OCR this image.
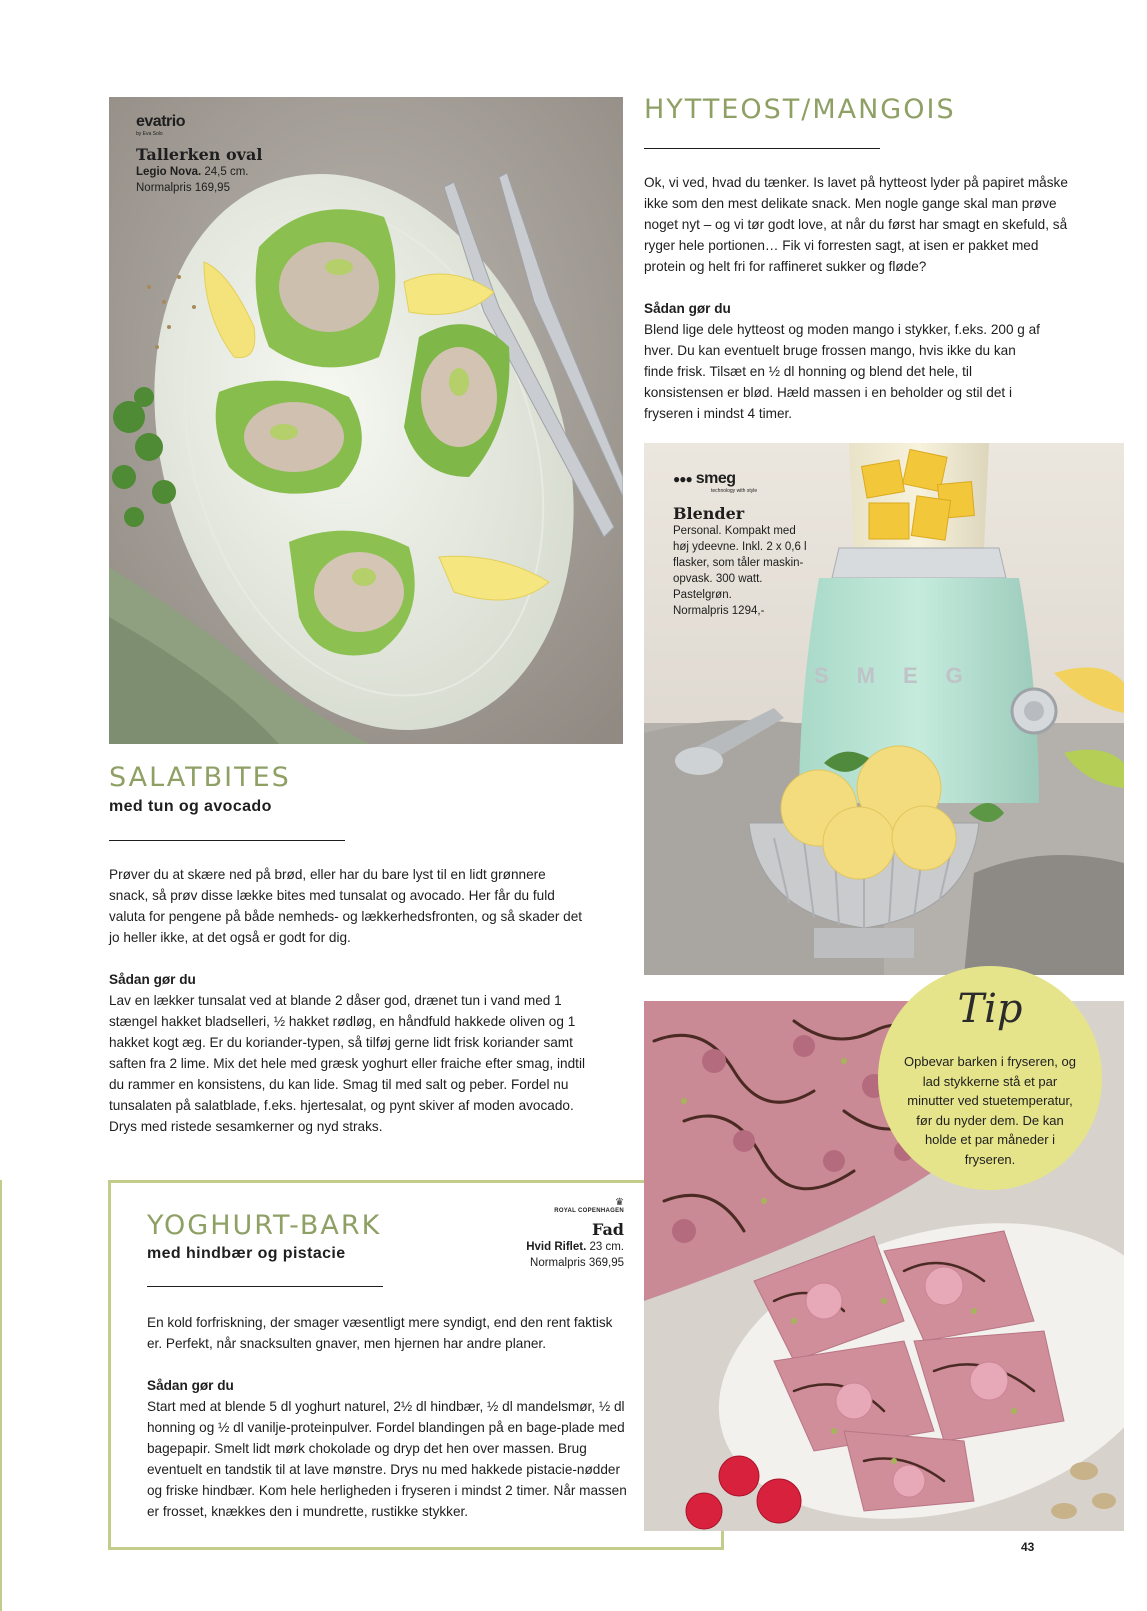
evatrio
by Eva Solo
Tallerken oval
Legio Nova. 24,5 cm.
Normalpris 169,95
HYTTEOST/MANGOIS

Ok, vi ved, hvad du tænker. Is lavet på hytteost lyder på papiret måske ikke som den mest delikate snack. Men nogle gange skal man prøve noget nyt – og vi tør godt love, at når du først har smagt en skefuld, så ryger hele portionen… Fik vi forresten sagt, at isen er pakket med protein og helt fri for raffineret sukker og fløde?

Sådan gør du

Blend lige dele hytteost og moden mango i stykker, f.eks. 200 g af hver. Du kan eventuelt bruge frossen mango, hvis ikke du kan finde frisk. Tilsæt en ½ dl honning og blend det hele, til konsistensen er blød. Hæld massen i en beholder og stil det i fryseren i mindst 4 timer.

SMEG
●●● smeg
technology with style
Blender
Personal. Kompakt med
høj ydeevne. Inkl. 2 x 0,6 l
flasker, som tåler maskin-
opvask. 300 watt.
Pastelgrøn.
Normalpris 1294,-
SALATBITES
med tun og avocado

Prøver du at skære ned på brød, eller har du bare lyst til en lidt grønnere snack, så prøv disse lække bites med tunsalat og avocado. Her får du fuld valuta for pengene på både nemheds- og lækkerhedsfronten, og så skader det jo heller ikke, at det også er godt for dig.

Sådan gør du

Lav en lækker tunsalat ved at blande 2 dåser god, drænet tun i vand med 1 stængel hakket bladselleri, ½ hakket rødløg, en håndfuld hakkede oliven og 1 hakket kogt æg. Er du koriander-typen, så tilføj gerne lidt frisk koriander samt saften fra 2 lime. Mix det hele med græsk yoghurt eller fraiche efter smag, indtil du rammer en konsistens, du kan lide. Smag til med salt og peber. Fordel nu tunsalaten på salatblade, f.eks. hjertesalat, og pynt skiver af moden avocado. Drys med ristede sesamkerner og nyd straks.

YOGHURT-BARK
med hindbær og pistacie
♛
ROYAL COPENHAGEN
Fad
Hvid Riflet. 23 cm.
Normalpris 369,95

En kold forfriskning, der smager væsentligt mere syndigt, end den rent faktisk er. Perfekt, når snacksulten gnaver, men hjernen har andre planer.

Sådan gør du

Start med at blende 5 dl yoghurt naturel, 2½ dl hindbær, ½ dl mandelsmør, ½ dl honning og ½ dl vanilje-proteinpulver. Fordel blandingen på en bage-plade med bagepapir. Smelt lidt mørk chokolade og dryp det hen over massen. Brug eventuelt en tandstik til at lave mønstre. Drys nu med hakkede pistacie-nødder og friske hindbær. Kom hele herligheden i fryseren i mindst 2 timer. Når massen er frosset, knækkes den i mundrette, rustikke stykker.

Tip
Opbevar barken i fryseren, og lad stykkerne stå et par minutter ved stuetemperatur, før du nyder dem. De kan holde et par måneder i fryseren.
43
